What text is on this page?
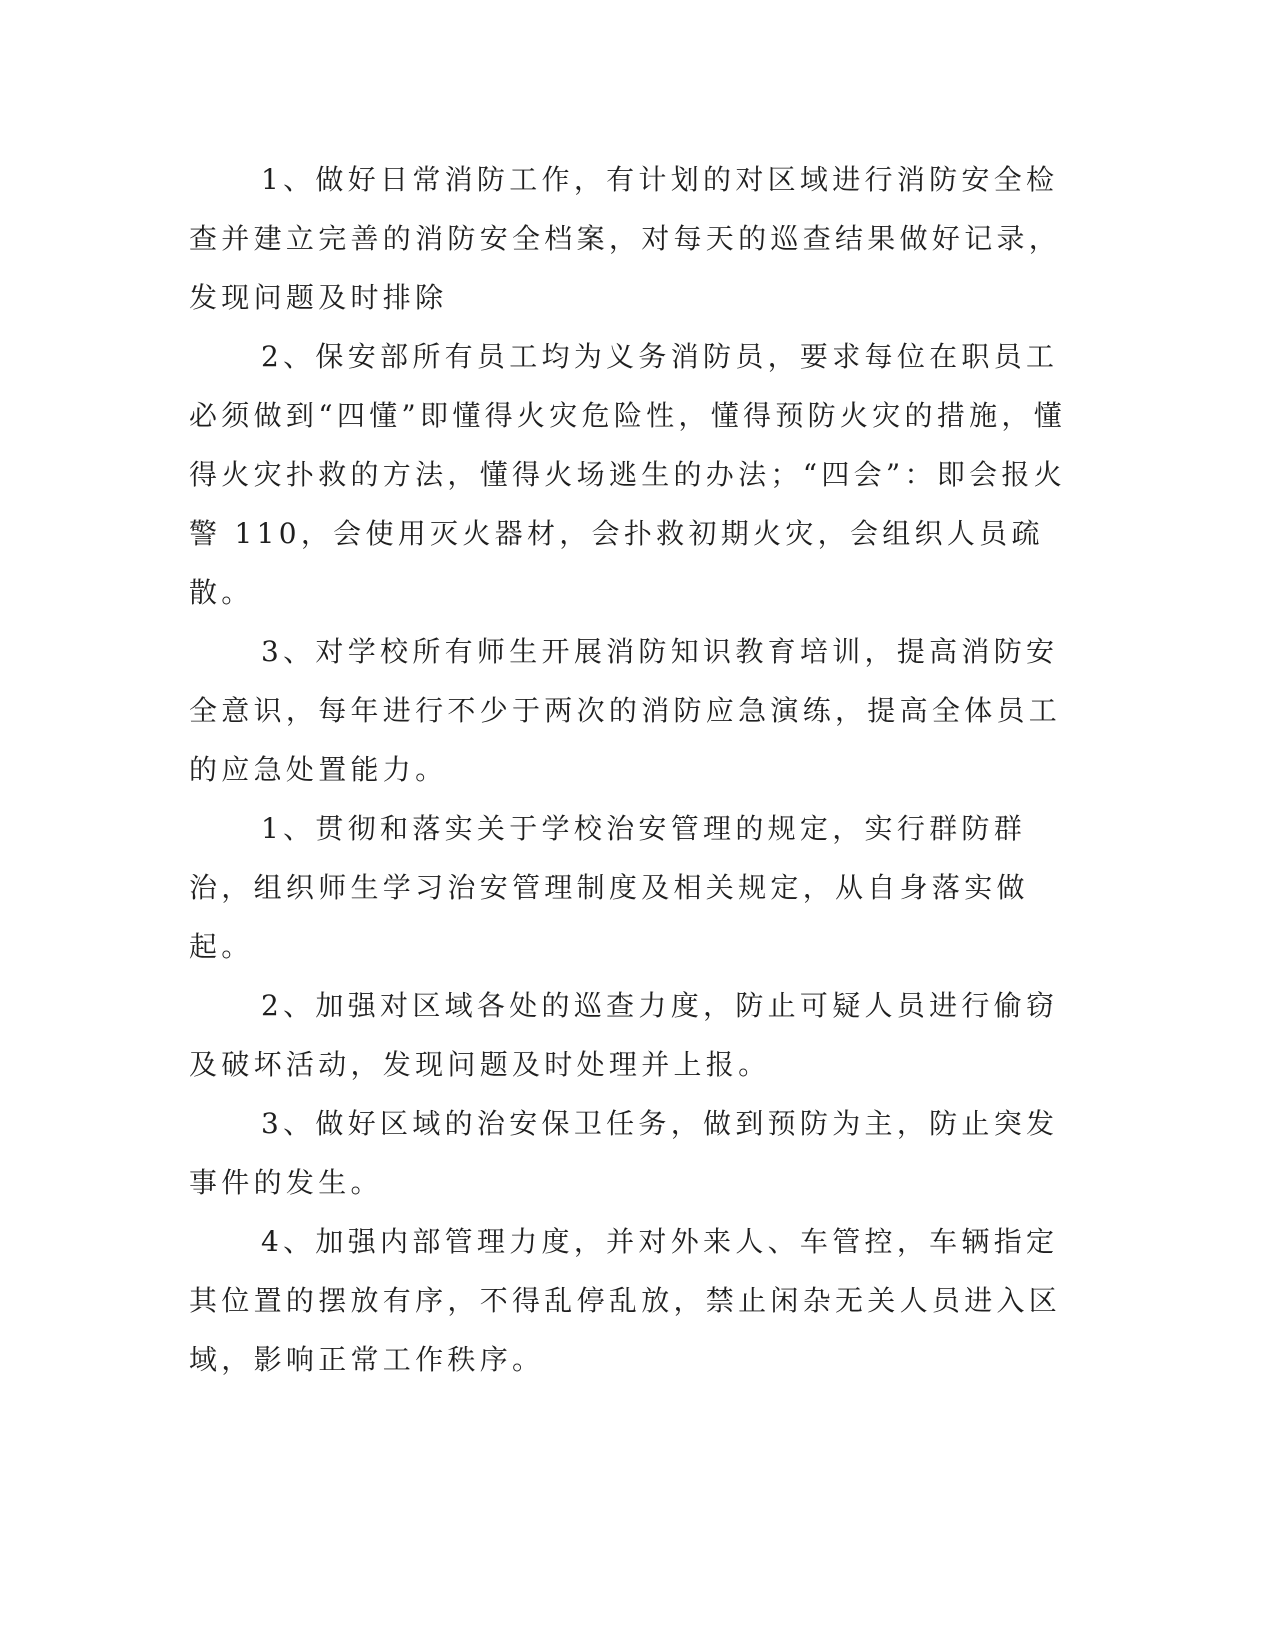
1、做好日常消防工作，有计划的对区域进行消防安全检查并建立完善的消防安全档案，对每天的巡查结果做好记录，发现问题及时排除

2、保安部所有员工均为义务消防员，要求每位在职员工必须做到“四懂”即懂得火灾危险性，懂得预防火灾的措施，懂得火灾扑救的方法，懂得火场逃生的办法；“四会”：即会报火警 110，会使用灭火器材，会扑救初期火灾，会组织人员疏散。

3、对学校所有师生开展消防知识教育培训，提高消防安全意识，每年进行不少于两次的消防应急演练，提高全体员工的应急处置能力。

1、贯彻和落实关于学校治安管理的规定，实行群防群治，组织师生学习治安管理制度及相关规定，从自身落实做起。

2、加强对区域各处的巡查力度，防止可疑人员进行偷窃及破坏活动，发现问题及时处理并上报。

3、做好区域的治安保卫任务，做到预防为主，防止突发事件的发生。

4、加强内部管理力度，并对外来人、车管控，车辆指定其位置的摆放有序，不得乱停乱放，禁止闲杂无关人员进入区域，影响正常工作秩序。
